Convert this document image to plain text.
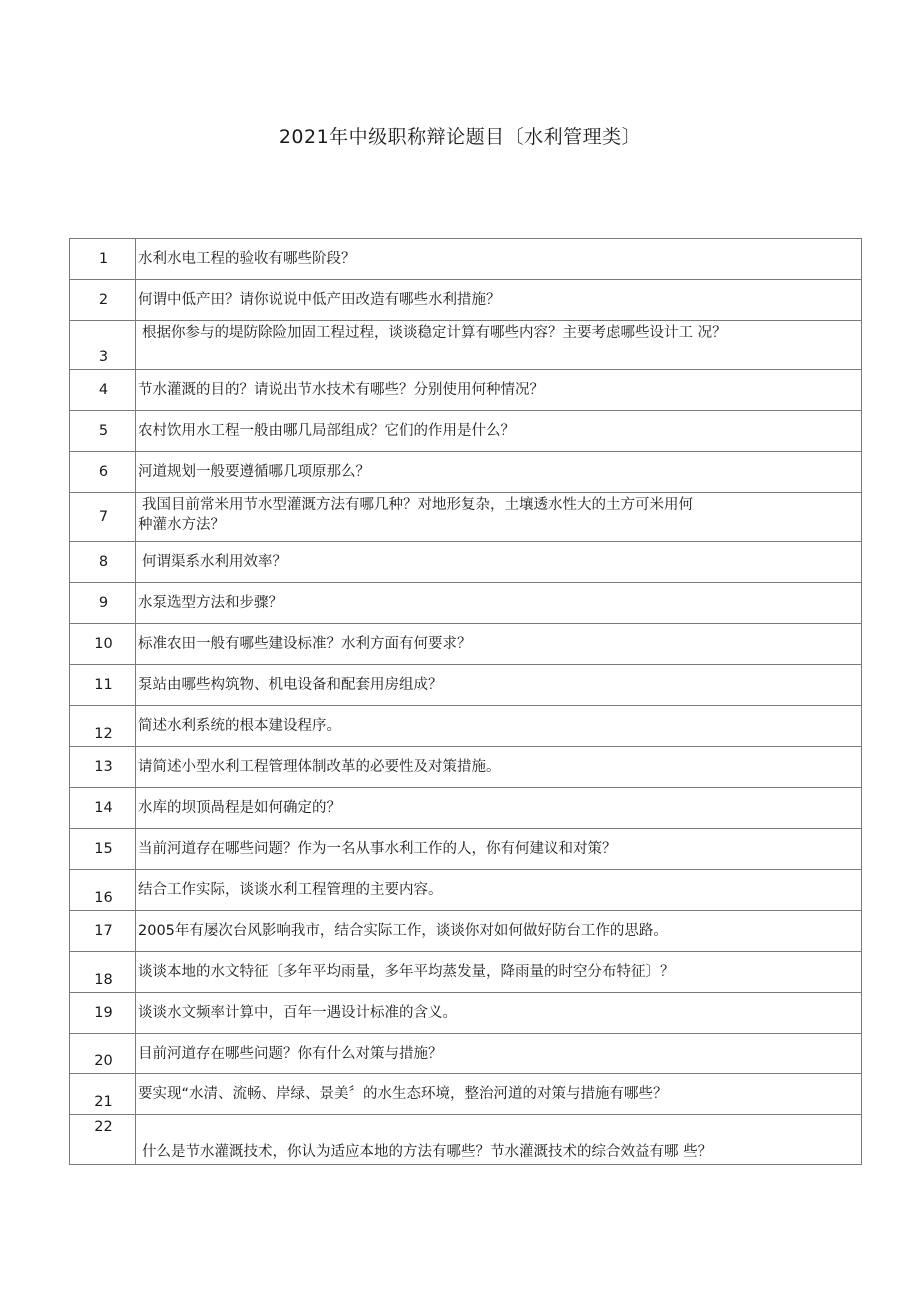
2021年中级职称辩论题目〔水利管理类〕
1	水利水电工程的验收有哪些阶段？
2	何谓中低产田？请你说说中低产田改造有哪些水利措施？
3	根据你参与的堤防除险加固工程过程，谈谈稳定计算有哪些内容？主要考虑哪些设计工 况？
4	节水灌溉的目的？请说出节水技术有哪些？分别使用何种情况？
5	农村饮用水工程一般由哪几局部组成？它们的作用是什么？
6	河道规划一般要遵循哪几项原那么？
7	我国目前常米用节水型灌溉方法有哪几种？对地形复杂，土壤透水性大的土方可米用何
种灌水方法？

8	何谓渠系水利用效率？
9	水泵选型方法和步骤？
10	标准农田一般有哪些建设标准？水利方面有何要求？
11	泵站由哪些构筑物、机电设备和配套用房组成？
12	简述水利系统的根本建设程序。
13	请简述小型水利工程管理体制改革的必要性及对策措施。
14	水库的坝顶咼程是如何确定的？
15	当前河道存在哪些问题？作为一名从事水利工作的人，你有何建议和对策？
16	结合工作实际，谈谈水利工程管理的主要内容。
17	2005年有屡次台风影响我市，结合实际工作，谈谈你对如何做好防台工作的思路。
18	谈谈本地的水文特征〔多年平均雨量，多年平均蒸发量，降雨量的时空分布特征〕？
19	谈谈水文频率计算中，百年一遇设计标准的含义。
20	目前河道存在哪些问题？你有什么对策与措施？
21	要实现“水清、流畅、岸绿、景美〞的水生态环境，整治河道的对策与措施有哪些？
22	什么是节水灌溉技术，你认为适应本地的方法有哪些？节水灌溉技术的综合效益有哪 些？
